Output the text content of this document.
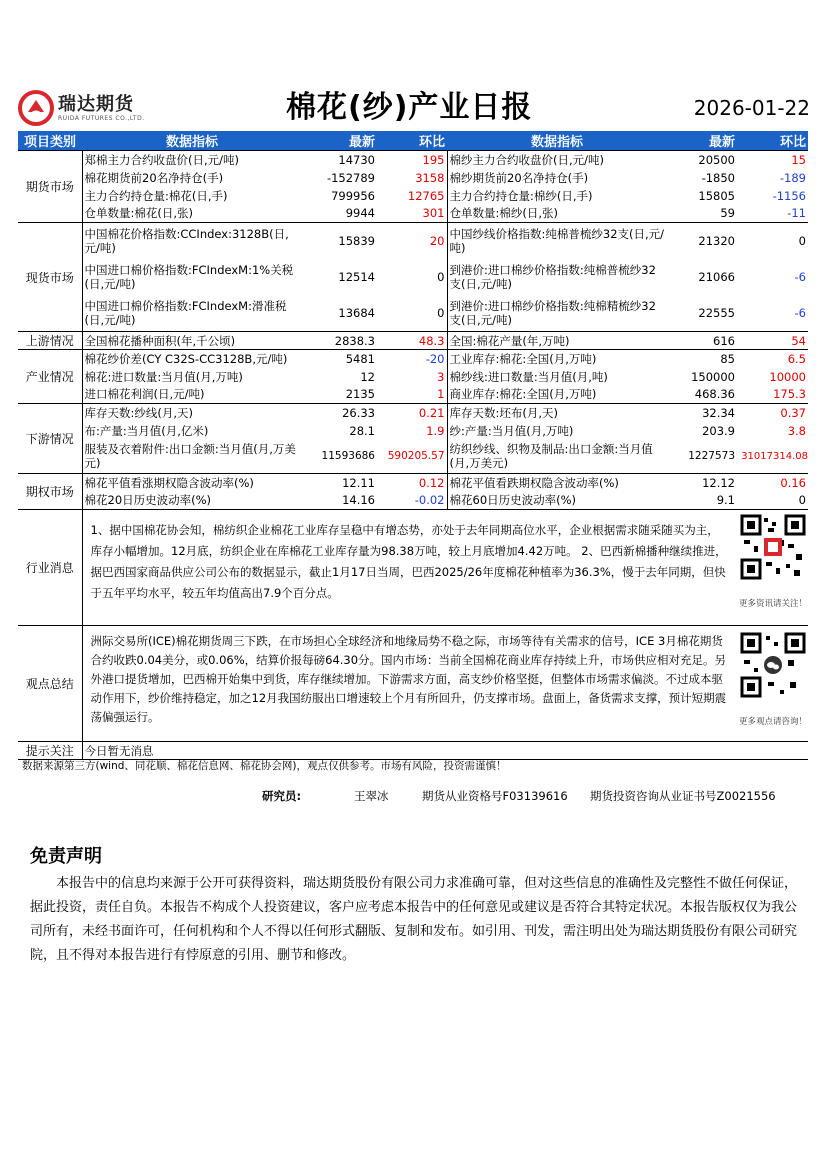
瑞达期货
RUIDA FUTURES CO.,LTD.	棉花(纱)产业日报	2026-01-22
项目类别	数据指标	最新	环比	数据指标	最新	环比
期货市场	郑棉主力合约收盘价(日,元/吨)	14730	195	棉纱主力合约收盘价(日,元/吨)	20500	15
	棉花期货前20名净持仓(手)	-152789	3158	棉纱期货前20名净持仓(手)	-1850	-189
	主力合约持仓量:棉花(日,手)	799956	12765	主力合约持仓量:棉纱(日,手)	15805	-1156
	仓单数量:棉花(日,张)	9944	301	仓单数量:棉纱(日,张)	59	-11
现货市场	中国棉花价格指数:CCIndex:3128B(日,元/吨)	15839	20	中国纱线价格指数:纯棉普梳纱32支(日,元/吨)	21320	0
	中国进口棉价格指数:FCIndexM:1%关税(日,元/吨)	12514	0	到港价:进口棉纱价格指数:纯棉普梳纱32支(日,元/吨)	21066	-6
	中国进口棉价格指数:FCIndexM:滑准税(日,元/吨)	13684	0	到港价:进口棉纱价格指数:纯棉精梳纱32支(日,元/吨)	22555	-6
上游情况	全国棉花播种面积(年,千公顷)	2838.3	48.3	全国:棉花产量(年,万吨)	616	54
产业情况	棉花纱价差(CY C32S-CC3128B,元/吨)	5481	-20	工业库存:棉花:全国(月,万吨)	85	6.5
	棉花:进口数量:当月值(月,万吨)	12	3	棉纱线:进口数量:当月值(月,吨)	150000	10000
	进口棉花利润(日,元/吨)	2135	1	商业库存:棉花:全国(月,万吨)	468.36	175.3
下游情况	库存天数:纱线(月,天)	26.33	0.21	库存天数:坯布(月,天)	32.34	0.37
	布:产量:当月值(月,亿米)	28.1	1.9	纱:产量:当月值(月,万吨)	203.9	3.8
	服装及衣着附件:出口金额:当月值(月,万美元)	11593686	590205.57	纺织纱线、织物及制品:出口金额:当月值(月,万美元)	1227573	31017314.08
期权市场	棉花平值看涨期权隐含波动率(%)	12.11	0.12	棉花平值看跌期权隐含波动率(%)	12.12	0.16
	棉花20日历史波动率(%)	14.16	-0.02	棉花60日历史波动率(%)	9.1	0
行业消息	1、据中国棉花协会知，棉纺织企业棉花工业库存呈稳中有增态势，亦处于去年同期高位水平，企业根据需求随采随买为主，库存小幅增加。12月底，纺织企业在库棉花工业库存量为98.38万吨，较上月底增加4.42万吨。 2、巴西新棉播种继续推进，据巴西国家商品供应公司公布的数据显示，截止1月17日当周，巴西2025/26年度棉花种植率为36.3%，慢于去年同期，但快于五年平均水平，较五年均值高出7.9个百分点。					更多资讯请关注！

观点总结	洲际交易所(ICE)棉花期货周三下跌，在市场担心全球经济和地缘局势不稳之际，市场等待有关需求的信号，ICE 3月棉花期货合约收跌0.04美分，或0.06%，结算价报每磅64.30分。国内市场：当前全国棉花商业库存持续上升，市场供应相对充足。另外港口提货增加，巴西棉开始集中到货，库存继续增加。下游需求方面，高支纱价格坚挺，但整体市场需求偏淡。不过成本驱动作用下，纱价维持稳定，加之12月我国纺服出口增速较上个月有所回升，仍支撑市场。盘面上，备货需求支撑，预计短期震荡偏强运行。					更多观点请咨询！

提示关注	今日暂无消息					
数据来源第三方(wind、同花顺、棉花信息网、棉花协会网)，观点仅供参考。市场有风险，投资需谨慎！
研究员:	王翠冰	期货从业资格号F03139616 期货投资咨询从业证书号Z0021556
免责声明
本报告中的信息均来源于公开可获得资料，瑞达期货股份有限公司力求准确可靠，但对这些信息的准确性及完整性不做任何保证，据此投资，责任自负。本报告不构成个人投资建议，客户应考虑本报告中的任何意见或建议是否符合其特定状况。本报告版权仅为我公司所有，未经书面许可，任何机构和个人不得以任何形式翻版、复制和发布。如引用、刊发，需注明出处为瑞达期货股份有限公司研究院，且不得对本报告进行有悖原意的引用、删节和修改。
